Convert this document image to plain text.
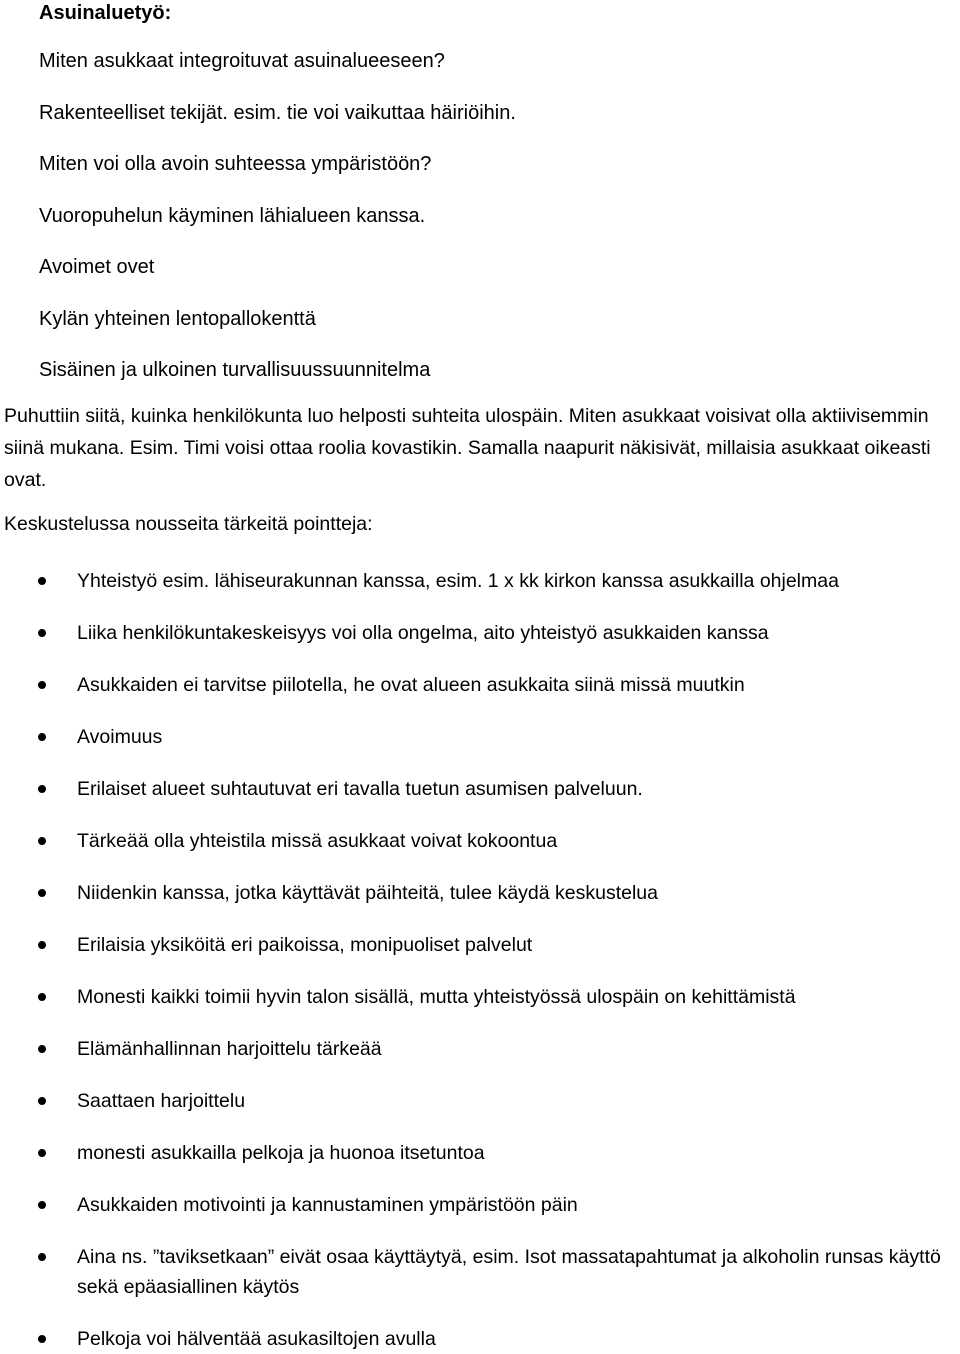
Asuinaluetyö:
Miten asukkaat integroituvat asuinalueeseen?
Rakenteelliset tekijät. esim. tie voi vaikuttaa häiriöihin.
Miten voi olla avoin suhteessa ympäristöön?
Vuoropuhelun käyminen lähialueen kanssa.
Avoimet ovet
Kylän yhteinen lentopallokenttä
Sisäinen ja ulkoinen turvallisuussuunnitelma

Puhuttiin siitä, kuinka henkilökunta luo helposti suhteita ulospäin. Miten asukkaat voisivat olla aktiivisemmin siinä mukana. Esim. Timi voisi ottaa roolia kovastikin. Samalla naapurit näkisivät, millaisia asukkaat oikeasti ovat.

Keskustelussa nousseita tärkeitä pointteja:

Yhteistyö esim. lähiseurakunnan kanssa, esim. 1 x kk kirkon kanssa asukkailla ohjelmaa
Liika henkilökuntakeskeisyys voi olla ongelma, aito yhteistyö asukkaiden kanssa
Asukkaiden ei tarvitse piilotella, he ovat alueen asukkaita siinä missä muutkin
Avoimuus
Erilaiset alueet suhtautuvat eri tavalla tuetun asumisen palveluun.
Tärkeää olla yhteistila missä asukkaat voivat kokoontua
Niidenkin kanssa, jotka käyttävät päihteitä, tulee käydä keskustelua
Erilaisia yksiköitä eri paikoissa, monipuoliset palvelut
Monesti kaikki toimii hyvin talon sisällä, mutta yhteistyössä ulospäin on kehittämistä
Elämänhallinnan harjoittelu tärkeää
Saattaen harjoittelu
monesti asukkailla pelkoja ja huonoa itsetuntoa
Asukkaiden motivointi ja kannustaminen ympäristöön päin
Aina ns. ”taviksetkaan” eivät osaa käyttäytyä, esim. Isot massatapahtumat ja alkoholin runsas käyttö sekä epäasiallinen käytös
Pelkoja voi hälventää asukasiltojen avulla
